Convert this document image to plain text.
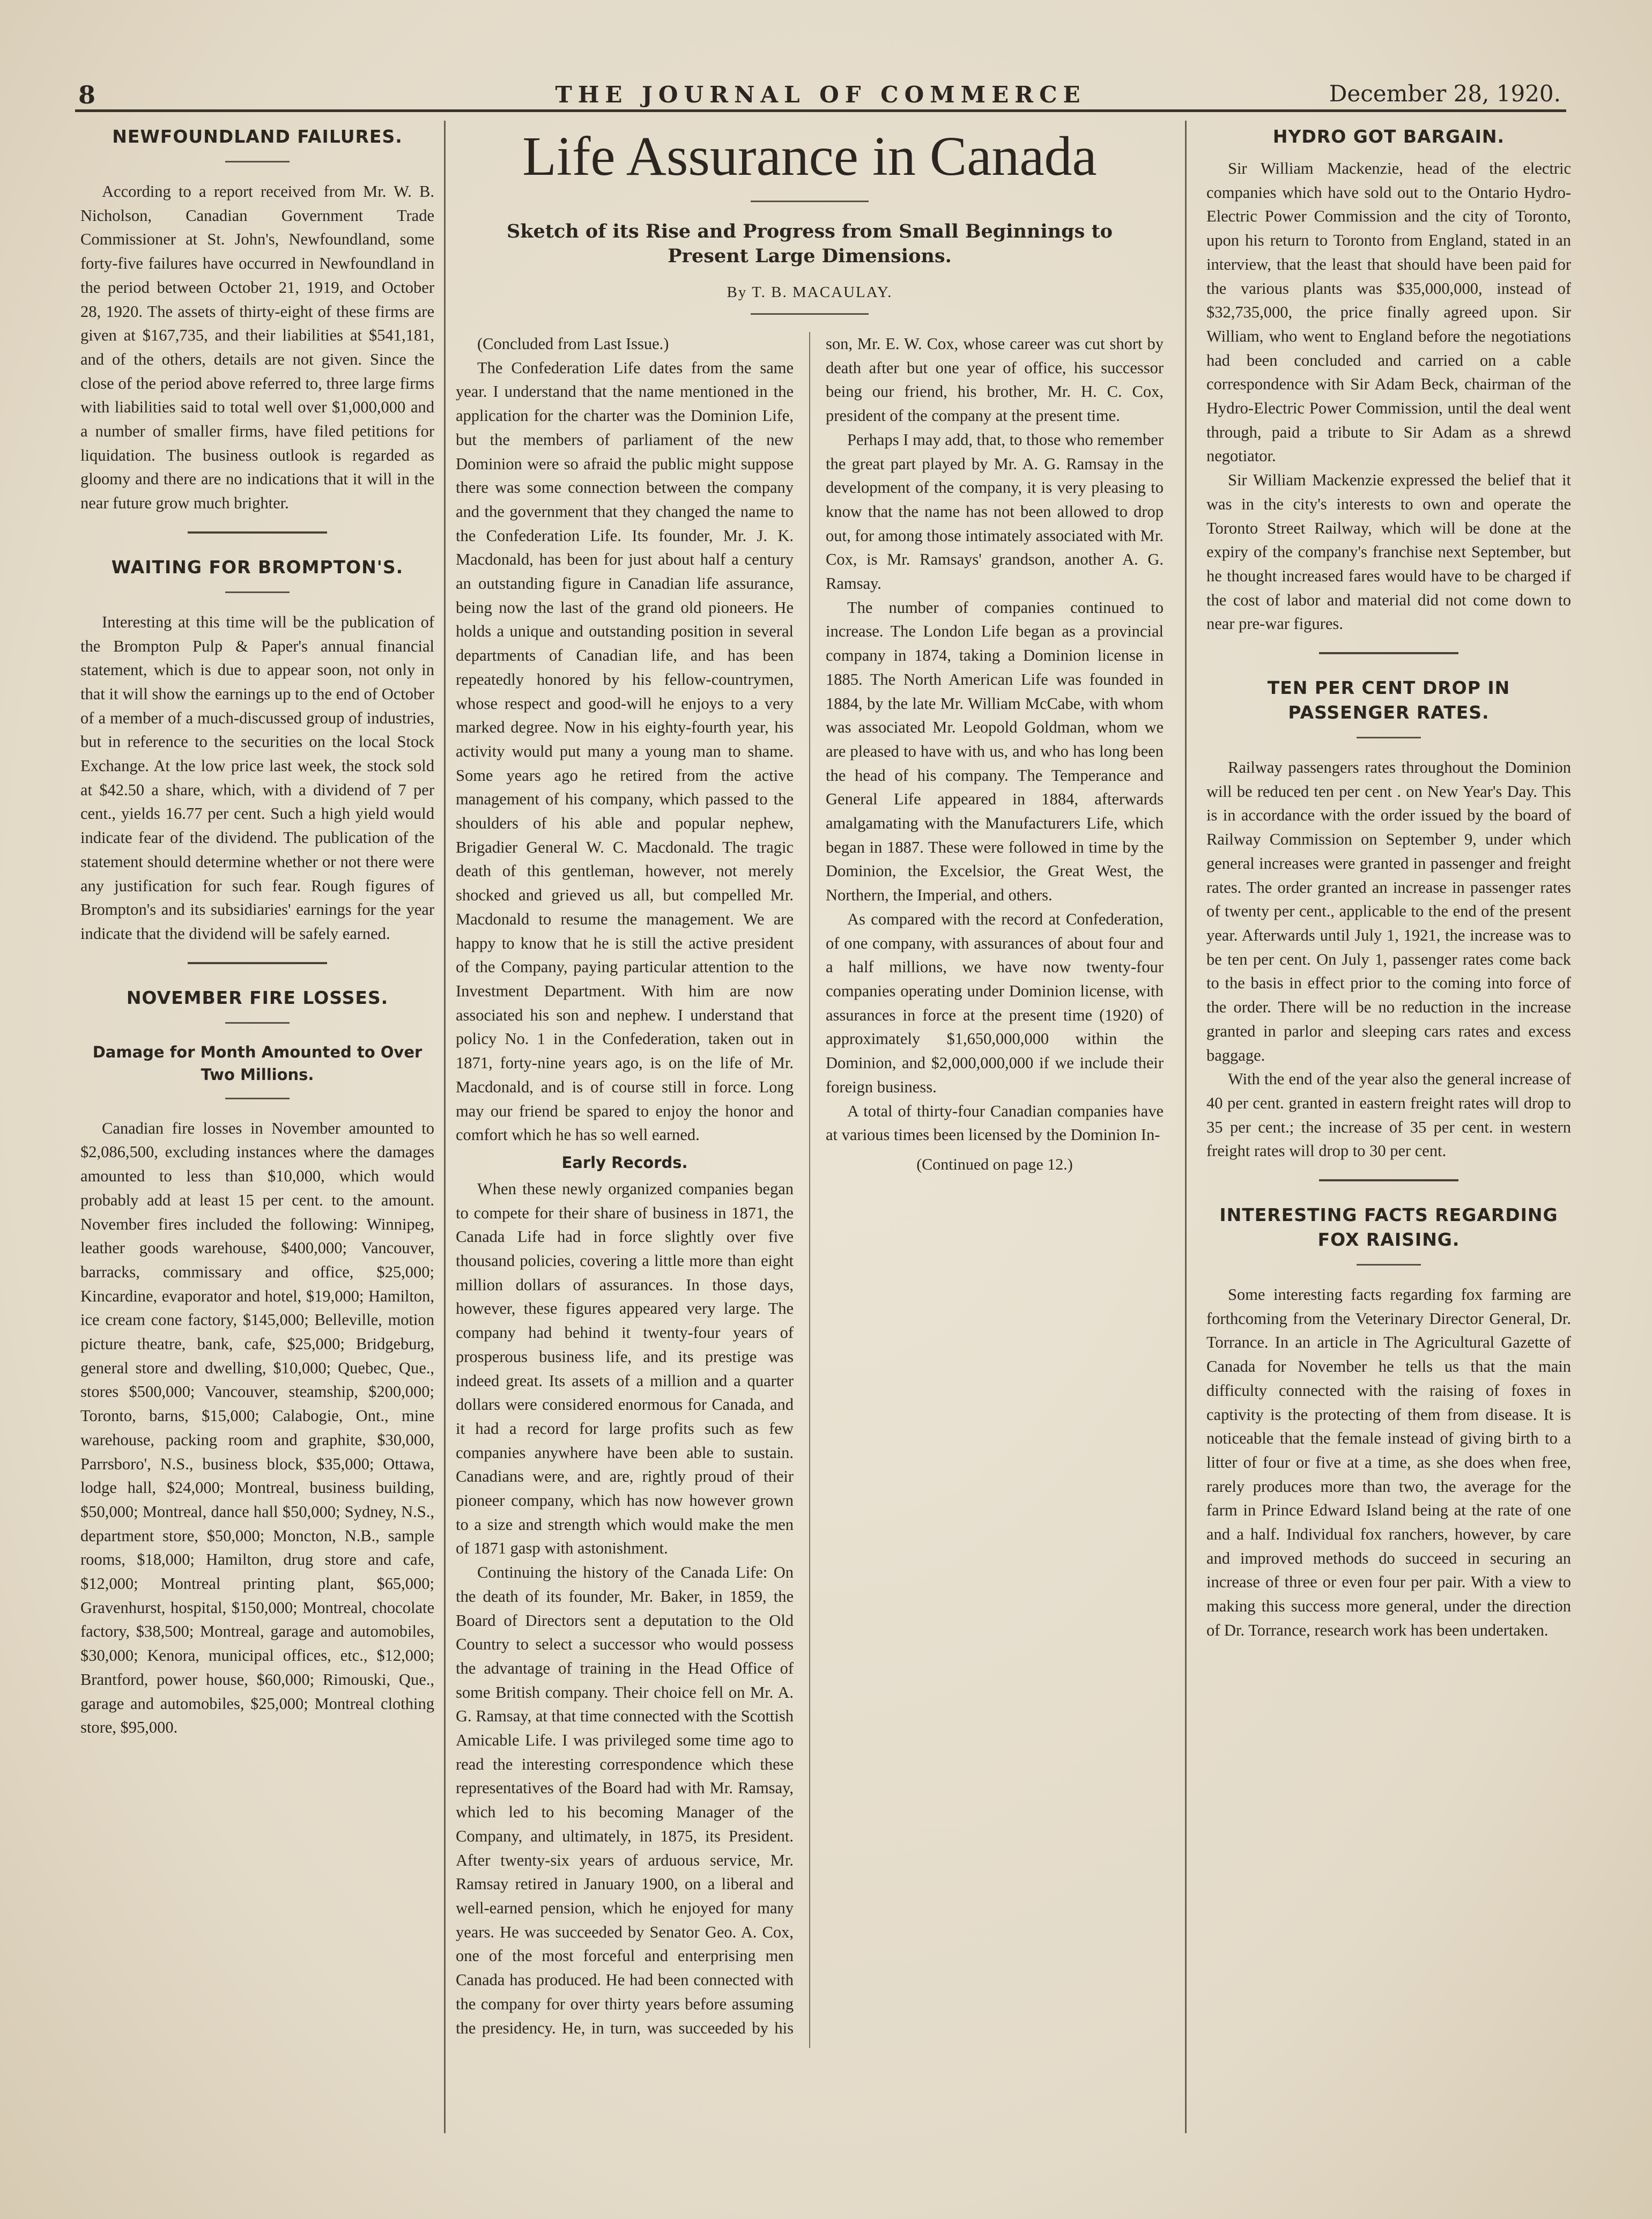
8	THE JOURNAL OF COMMERCE	December 28, 1920.
NEWFOUNDLAND FAILURES.

According to a report received from Mr. W. B. Nicholson, Canadian Government Trade Commissioner at St. John's, Newfoundland, some forty-five failures have occurred in Newfoundland in the period between October 21, 1919, and October 28, 1920. The assets of thirty-eight of these firms are given at $167,735, and their liabilities at $541,181, and of the others, details are not given. Since the close of the period above referred to, three large firms with liabilities said to total well over $1,000,000 and a number of smaller firms, have filed petitions for liquidation. The business outlook is regarded as gloomy and there are no indications that it will in the near future grow much brighter.

WAITING FOR BROMPTON'S.

Interesting at this time will be the publication of the Brompton Pulp & Paper's annual financial statement, which is due to appear soon, not only in that it will show the earnings up to the end of October of a member of a much-discussed group of industries, but in reference to the securities on the local Stock Exchange. At the low price last week, the stock sold at $42.50 a share, which, with a dividend of 7 per cent., yields 16.77 per cent. Such a high yield would indicate fear of the dividend. The publication of the statement should determine whether or not there were any justification for such fear. Rough figures of Brompton's and its subsidiaries' earnings for the year indicate that the dividend will be safely earned.

NOVEMBER FIRE LOSSES.
Damage for Month Amounted to Over Two Millions.

Canadian fire losses in November amounted to $2,086,500, excluding instances where the damages amounted to less than $10,000, which would probably add at least 15 per cent. to the amount. November fires included the following: Winnipeg, leather goods warehouse, $400,000; Vancouver, barracks, commissary and office, $25,000; Kincardine, evaporator and hotel, $19,000; Hamilton, ice cream cone factory, $145,000; Belleville, motion picture theatre, bank, cafe, $25,000; Bridgeburg, general store and dwelling, $10,000; Quebec, Que., stores $500,000; Vancouver, steamship, $200,000; Toronto, barns, $15,000; Calabogie, Ont., mine warehouse, packing room and graphite, $30,000, Parrsboro', N.S., business block, $35,000; Ottawa, lodge hall, $24,000; Montreal, business building, $50,000; Montreal, dance hall $50,000; Sydney, N.S., department store, $50,000; Moncton, N.B., sample rooms, $18,000; Hamilton, drug store and cafe, $12,000; Montreal printing plant, $65,000; Gravenhurst, hospital, $150,000; Montreal, chocolate factory, $38,500; Montreal, garage and automobiles, $30,000; Kenora, municipal offices, etc., $12,000; Brantford, power house, $60,000; Rimouski, Que., garage and automobiles, $25,000; Montreal clothing store, $95,000.

Life Assurance in Canada
Sketch of its Rise and Progress from Small Beginnings to Present Large Dimensions.
By T. B. MACAULAY.

(Concluded from Last Issue.)

The Confederation Life dates from the same year. I understand that the name mentioned in the application for the charter was the Dominion Life, but the members of parliament of the new Dominion were so afraid the public might suppose there was some connection between the company and the government that they changed the name to the Confederation Life. Its founder, Mr. J. K. Macdonald, has been for just about half a century an outstanding figure in Canadian life assurance, being now the last of the grand old pioneers. He holds a unique and outstanding position in several departments of Canadian life, and has been repeatedly honored by his fellow-countrymen, whose respect and good-will he enjoys to a very marked degree. Now in his eighty-fourth year, his activity would put many a young man to shame. Some years ago he retired from the active management of his company, which passed to the shoulders of his able and popular nephew, Brigadier General W. C. Macdonald. The tragic death of this gentleman, however, not merely shocked and grieved us all, but compelled Mr. Macdonald to resume the management. We are happy to know that he is still the active president of the Company, paying particular attention to the Investment Department. With him are now associated his son and nephew. I understand that policy No. 1 in the Confederation, taken out in 1871, forty-nine years ago, is on the life of Mr. Macdonald, and is of course still in force. Long may our friend be spared to enjoy the honor and comfort which he has so well earned.

Early Records.

When these newly organized companies began to compete for their share of business in 1871, the Canada Life had in force slightly over five thousand policies, covering a little more than eight million dollars of assurances. In those days, however, these figures appeared very large. The company had behind it twenty-four years of prosperous business life, and its prestige was indeed great. Its assets of a million and a quarter dollars were considered enormous for Canada, and it had a record for large profits such as few companies anywhere have been able to sustain. Canadians were, and are, rightly proud of their pioneer company, which has now however grown to a size and strength which would make the men of 1871 gasp with astonishment.

Continuing the history of the Canada Life: On the death of its founder, Mr. Baker, in 1859, the Board of Directors sent a deputation to the Old Country to select a successor who would possess the advantage of training in the Head Office of some British company. Their choice fell on Mr. A. G. Ramsay, at that time connected with the Scottish Amicable Life. I was privileged some time ago to read the interesting correspondence which these representatives of the Board had with Mr. Ramsay, which led to his becoming Manager of the Company, and ultimately, in 1875, its President. After twenty-six years of arduous service, Mr. Ramsay retired in January 1900, on a liberal and well-earned pension, which he enjoyed for many years. He was succeeded by Senator Geo. A. Cox, one of the most forceful and enterprising men Canada has produced. He had been connected with the company for over thirty years before assuming the presidency. He, in turn, was succeeded by his son, Mr. E. W. Cox, whose career was cut short by death after but one year of office, his successor being our friend, his brother, Mr. H. C. Cox, president of the company at the present time.

Perhaps I may add, that, to those who remember the great part played by Mr. A. G. Ramsay in the development of the company, it is very pleasing to know that the name has not been allowed to drop out, for among those intimately associated with Mr. Cox, is Mr. Ramsays' grandson, another A. G. Ramsay.

The number of companies continued to increase. The London Life began as a provincial company in 1874, taking a Dominion license in 1885. The North American Life was founded in 1884, by the late Mr. William McCabe, with whom was associated Mr. Leopold Goldman, whom we are pleased to have with us, and who has long been the head of his company. The Temperance and General Life appeared in 1884, afterwards amalgamating with the Manufacturers Life, which began in 1887. These were followed in time by the Dominion, the Excelsior, the Great West, the Northern, the Imperial, and others.

As compared with the record at Confederation, of one company, with assurances of about four and a half millions, we have now twenty-four companies operating under Dominion license, with assurances in force at the present time (1920) of approximately $1,650,000,000 within the Dominion, and $2,000,000,000 if we include their foreign business.

A total of thirty-four Canadian companies have at various times been licensed by the Dominion In-

(Continued on page 12.)
HYDRO GOT BARGAIN.

Sir William Mackenzie, head of the electric companies which have sold out to the Ontario Hydro-Electric Power Commission and the city of Toronto, upon his return to Toronto from England, stated in an interview, that the least that should have been paid for the various plants was $35,000,000, instead of $32,735,000, the price finally agreed upon. Sir William, who went to England before the negotiations had been concluded and carried on a cable correspondence with Sir Adam Beck, chairman of the Hydro-Electric Power Commission, until the deal went through, paid a tribute to Sir Adam as a shrewd negotiator.

Sir William Mackenzie expressed the belief that it was in the city's interests to own and operate the Toronto Street Railway, which will be done at the expiry of the company's franchise next September, but he thought increased fares would have to be charged if the cost of labor and material did not come down to near pre-war figures.

TEN PER CENT DROP IN PASSENGER RATES.

Railway passengers rates throughout the Dominion will be reduced ten per cent . on New Year's Day. This is in accordance with the order issued by the board of Railway Commission on September 9, under which general increases were granted in passenger and freight rates. The order granted an increase in passenger rates of twenty per cent., applicable to the end of the present year. Afterwards until July 1, 1921, the increase was to be ten per cent. On July 1, passenger rates come back to the basis in effect prior to the coming into force of the order. There will be no reduction in the increase granted in parlor and sleeping cars rates and excess baggage.

With the end of the year also the general increase of 40 per cent. granted in eastern freight rates will drop to 35 per cent.; the increase of 35 per cent. in western freight rates will drop to 30 per cent.

INTERESTING FACTS REGARDING FOX RAISING.

Some interesting facts regarding fox farming are forthcoming from the Veterinary Director General, Dr. Torrance. In an article in The Agricultural Gazette of Canada for November he tells us that the main difficulty connected with the raising of foxes in captivity is the protecting of them from disease. It is noticeable that the female instead of giving birth to a litter of four or five at a time, as she does when free, rarely produces more than two, the average for the farm in Prince Edward Island being at the rate of one and a half. Individual fox ranchers, however, by care and improved methods do succeed in securing an increase of three or even four per pair. With a view to making this success more general, under the direction of Dr. Torrance, research work has been undertaken.
